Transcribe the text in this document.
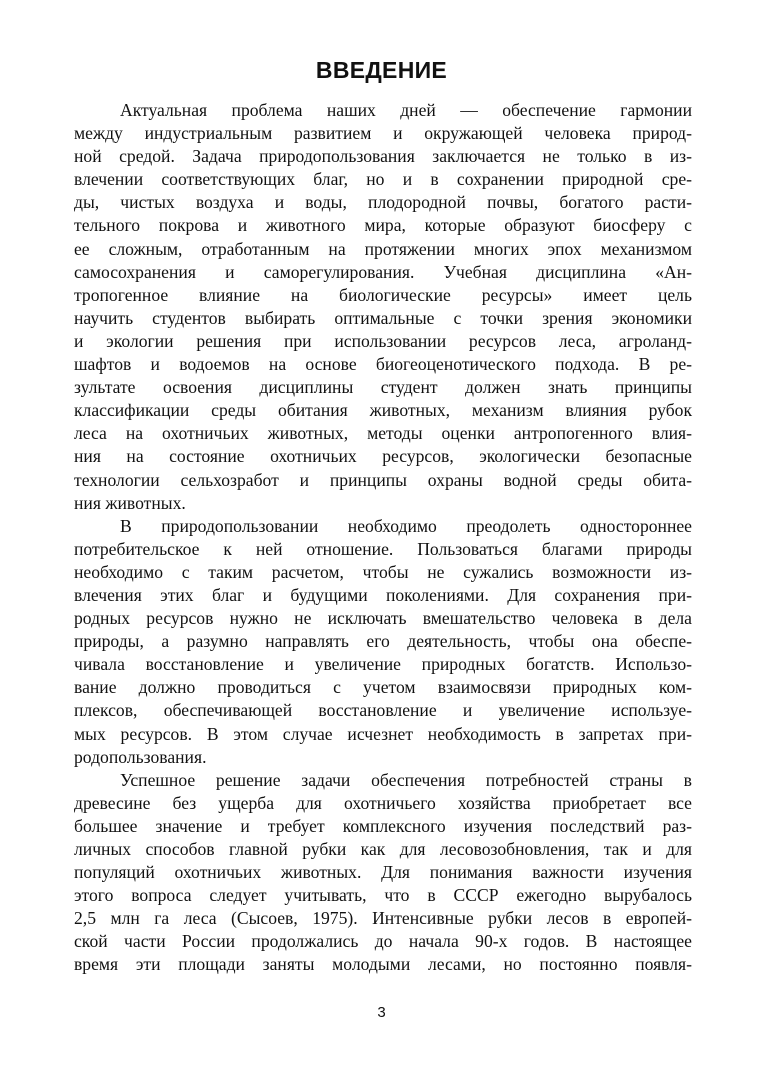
ВВЕДЕНИЕ
Актуальная проблема наших дней — обеспечение гармонии
между индустриальным развитием и окружающей человека природ-
ной средой. Задача природопользования заключается не только в из-
влечении соответствующих благ, но и в сохранении природной сре-
ды, чистых воздуха и воды, плодородной почвы, богатого расти-
тельного покрова и животного мира, которые образуют биосферу с
ее сложным, отработанным на протяжении многих эпох механизмом
самосохранения и саморегулирования. Учебная дисциплина «Ан-
тропогенное влияние на биологические ресурсы» имеет цель
научить студентов выбирать оптимальные с точки зрения экономики
и экологии решения при использовании ресурсов леса, агроланд-
шафтов и водоемов на основе биогеоценотического подхода. В ре-
зультате освоения дисциплины студент должен знать принципы
классификации среды обитания животных, механизм влияния рубок
леса на охотничьих животных, методы оценки антропогенного влия-
ния на состояние охотничьих ресурсов, экологически безопасные
технологии сельхозработ и принципы охраны водной среды обита-
ния животных.
В природопользовании необходимо преодолеть одностороннее
потребительское к ней отношение. Пользоваться благами природы
необходимо с таким расчетом, чтобы не сужались возможности из-
влечения этих благ и будущими поколениями. Для сохранения при-
родных ресурсов нужно не исключать вмешательство человека в дела
природы, а разумно направлять его деятельность, чтобы она обеспе-
чивала восстановление и увеличение природных богатств. Использо-
вание должно проводиться с учетом взаимосвязи природных ком-
плексов, обеспечивающей восстановление и увеличение используе-
мых ресурсов. В этом случае исчезнет необходимость в запретах при-
родопользования.
Успешное решение задачи обеспечения потребностей страны в
древесине без ущерба для охотничьего хозяйства приобретает все
большее значение и требует комплексного изучения последствий раз-
личных способов главной рубки как для лесовозобновления, так и для
популяций охотничьих животных. Для понимания важности изучения
этого вопроса следует учитывать, что в СССР ежегодно вырубалось
2,5 млн га леса (Сысоев, 1975). Интенсивные рубки лесов в европей-
ской части России продолжались до начала 90-х годов. В настоящее
время эти площади заняты молодыми лесами, но постоянно появля-
3
